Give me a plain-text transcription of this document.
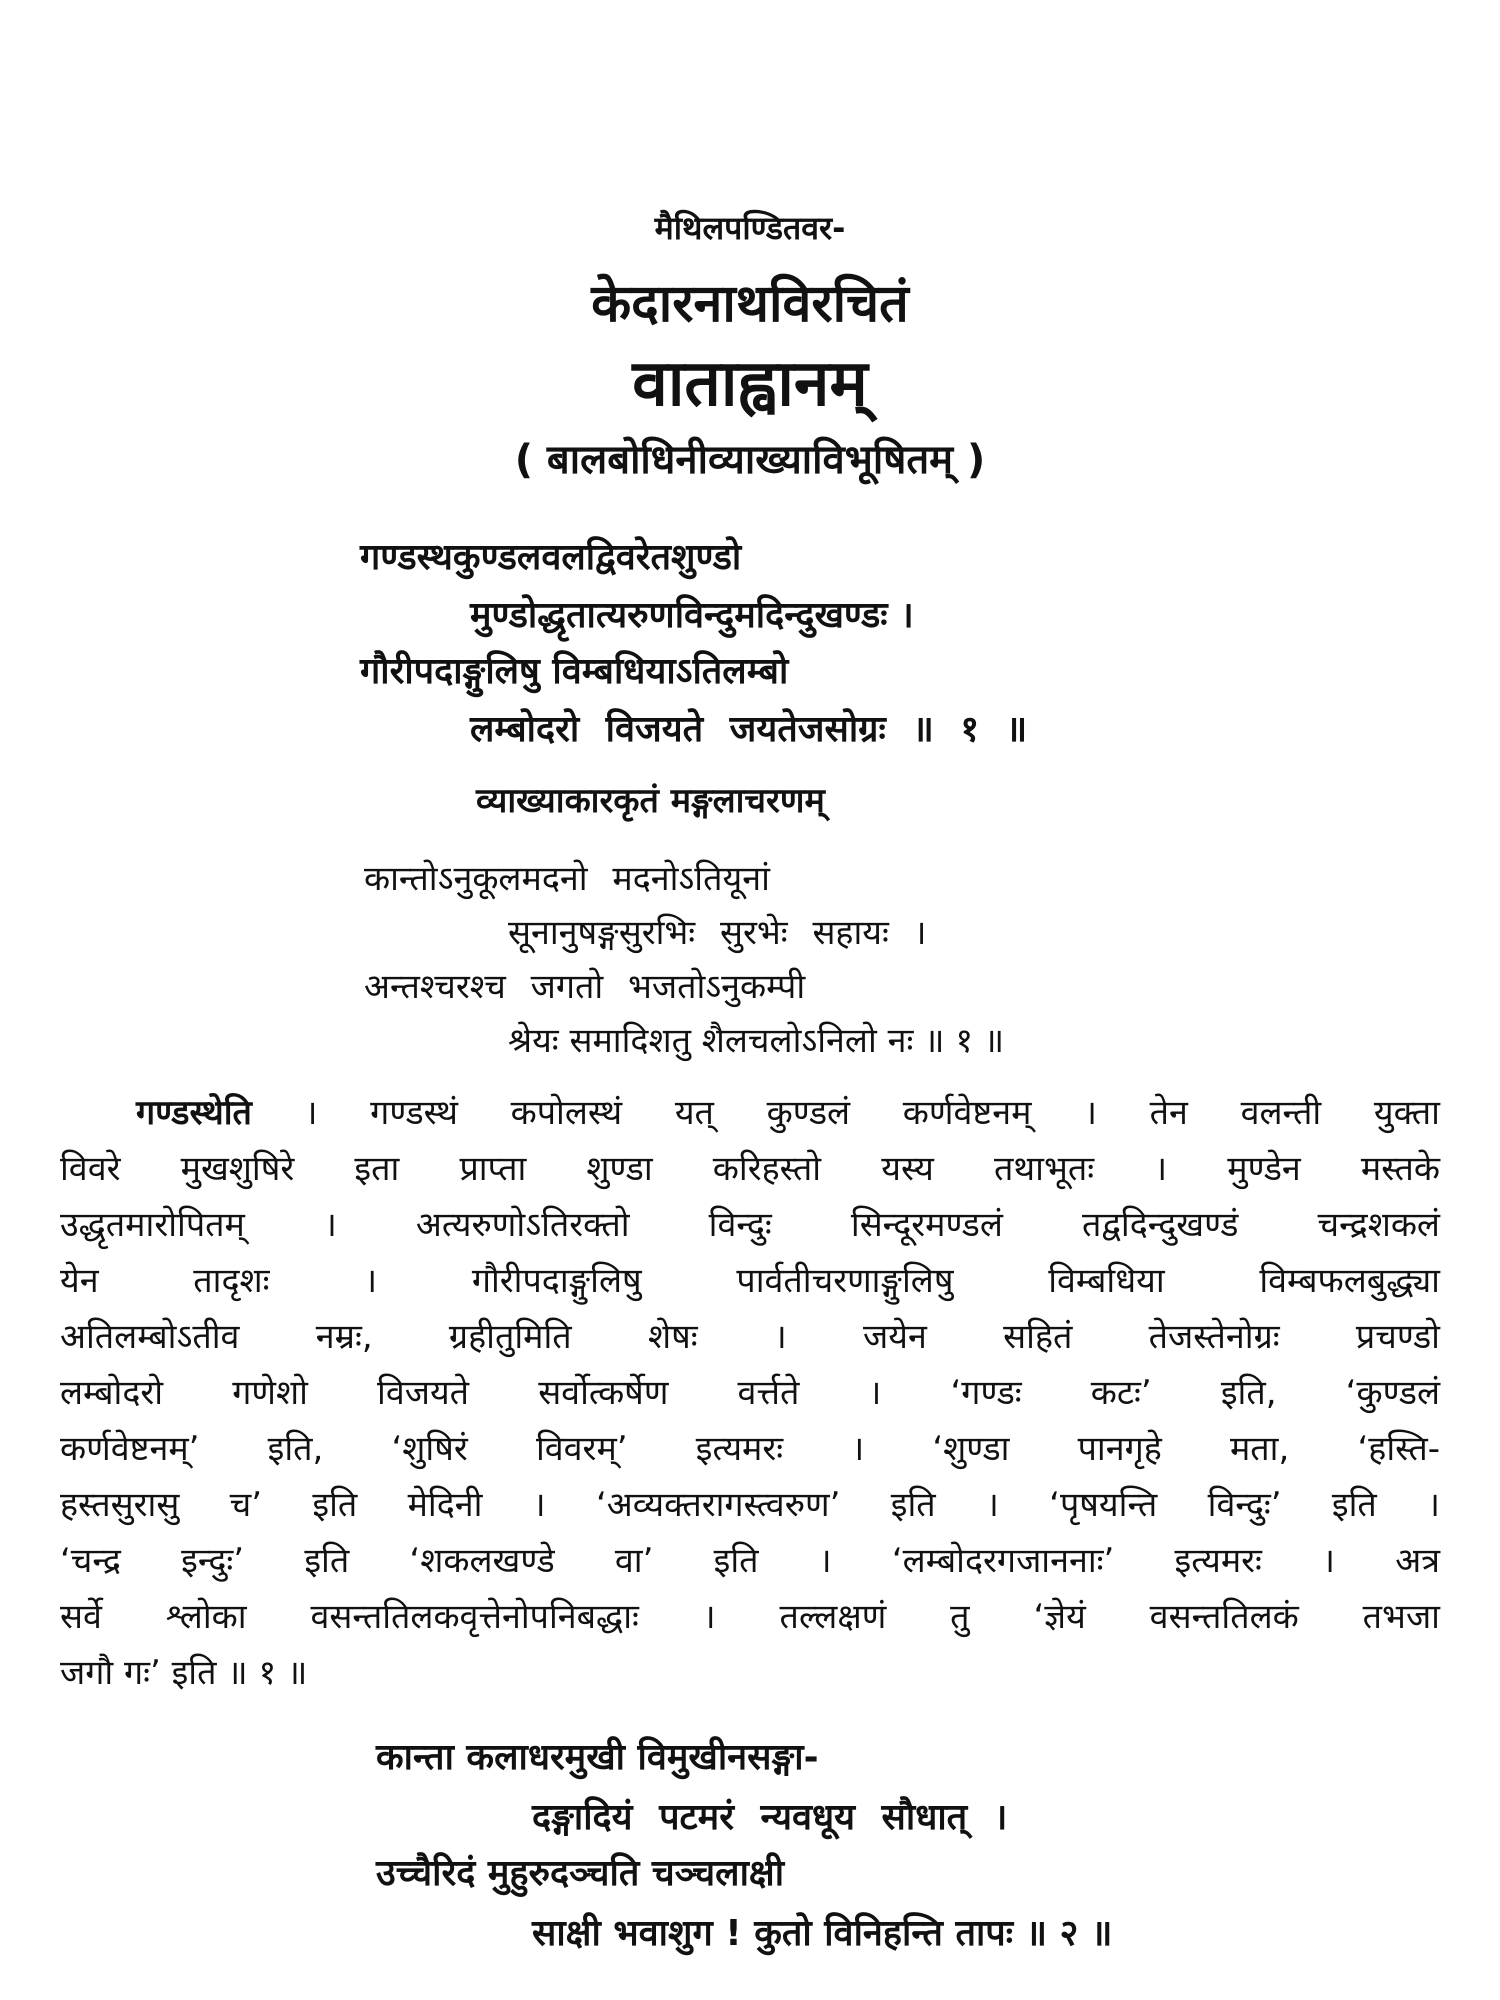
मैथिलपण्डितवर-
केदारनाथविरचितं
वाताह्वानम्
( बालबोधिनीव्याख्याविभूषितम् )
गण्डस्थकुण्डलवलद्विवरेतशुण्डो
मुण्डोद्धृतात्यरुणविन्दुमदिन्दुखण्डः ।
गौरीपदाङ्गुलिषु विम्बधियाऽतिलम्बो
लम्बोदरो विजयते जयतेजसोग्रः ॥ १ ॥
व्याख्याकारकृतं मङ्गलाचरणम्
कान्तोऽनुकूलमदनो मदनोऽतियूनां
सूनानुषङ्गसुरभिः सुरभेः सहायः ।
अन्तश्चरश्च जगतो भजतोऽनुकम्पी
श्रेयः समादिशतु शैलचलोऽनिलो नः ॥ १ ॥
गण्डस्थेति । गण्डस्थं कपोलस्थं यत् कुण्डलं कर्णवेष्टनम् । तेन वलन्ती युक्ता
विवरे मुखशुषिरे इता प्राप्ता शुण्डा करिहस्तो यस्य तथाभूतः । मुण्डेन मस्तके
उद्धृतमारोपितम् । अत्यरुणोऽतिरक्तो विन्दुः सिन्दूरमण्डलं तद्वदिन्दुखण्डं चन्द्रशकलं
येन तादृशः । गौरीपदाङ्गुलिषु पार्वतीचरणाङ्गुलिषु विम्बधिया विम्बफलबुद्ध्या
अतिलम्बोऽतीव नम्रः, ग्रहीतुमिति शेषः । जयेन सहितं तेजस्तेनोग्रः प्रचण्डो
लम्बोदरो गणेशो विजयते सर्वोत्कर्षेण वर्त्तते । ‘गण्डः कटः’ इति, ‘कुण्डलं
कर्णवेष्टनम्’ इति, ‘शुषिरं विवरम्’ इत्यमरः । ‘शुण्डा पानगृहे मता, ‘हस्ति-
हस्तसुरासु च’ इति मेदिनी । ‘अव्यक्तरागस्त्वरुण’ इति । ‘पृषयन्ति विन्दुः’ इति ।
‘चन्द्र इन्दुः’ इति ‘शकलखण्डे वा’ इति । ‘लम्बोदरगजाननाः’ इत्यमरः । अत्र
सर्वे श्लोका वसन्ततिलकवृत्तेनोपनिबद्धाः । तल्लक्षणं तु ‘ज्ञेयं वसन्ततिलकं तभजा
जगौ गः’ इति ॥ १ ॥
कान्ता कलाधरमुखी विमुखीनसङ्गा-
दङ्गादियं पटमरं न्यवधूय सौधात् ।
उच्चैरिदं मुहुरुदञ्चति चञ्चलाक्षी
साक्षी भवाशुग ! कुतो विनिहन्ति तापः ॥ २ ॥
